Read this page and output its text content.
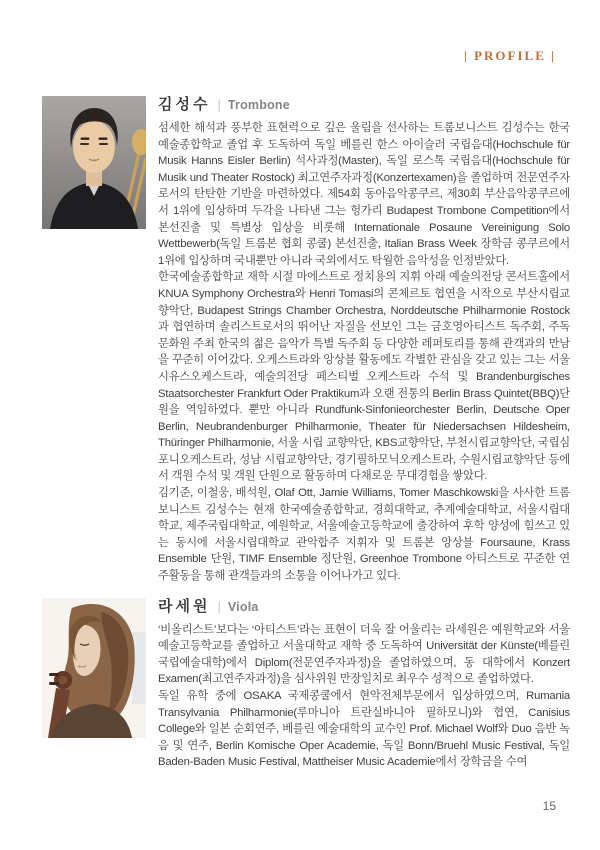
| PROFILE |
김성수 | Trombone

섬세한 해석과 풍부한 표현력으로 깊은 울림을 선사하는 트롬보니스트 김성수는 한국예술종합학교 졸업 후 도독하여 독일 베를린 한스 아이슬러 국립음대(Hochschule für Musik Hanns Eisler Berlin) 석사과정(Master), 독일 로스톡 국립음대(Hochschule für Musik und Theater Rostock) 최고연주자과정(Konzertexamen)을 졸업하며 전문연주자로서의 탄탄한 기반을 마련하였다. 제54회 동아음악콩쿠르, 제30회 부산음악콩쿠르에서 1위에 입상하며 두각을 나타낸 그는 헝가리 Budapest Trombone Competition에서 본선진출 및 특별상 입상을 비롯해 Internationale Posaune Vereinigung Solo Wettbewerb(독일 트롬본 협회 콩쿨) 본선진출, Italian Brass Week 장학금 콩쿠르에서 1위에 입상하며 국내뿐만 아니라 국외에서도 탁월한 음악성을 인정받았다.

한국예술종합학교 재학 시절 마에스트로 정치용의 지휘 아래 예술의전당 콘서트홀에서 KNUA Symphony Orchestra와 Henri Tomasi의 콘체르토 협연을 시작으로 부산시립교향악단, Budapest Strings Chamber Orchestra, Norddeutsche Philharmonie Rostock과 협연하며 솔리스트로서의 뛰어난 자질을 선보인 그는 금호영아티스트 독주회, 주독문화원 주최 한국의 젊은 음악가 특별 독주회 등 다양한 레퍼토리를 통해 관객과의 만남을 꾸준히 이어갔다. 오케스트라와 앙상블 활동에도 각별한 관심을 갖고 있는 그는 서울시유스오케스트라, 예술의전당 페스티벌 오케스트라 수석 및 Brandenburgisches Staatsorchester Frankfurt Oder Praktikum과 오랜 전통의 Berlin Brass Quintet(BBQ)단원을 역임하였다. 뿐만 아니라 Rundfunk-Sinfonieorchester Berlin, Deutsche Oper Berlin, Neubrandenburger Philharmonie, Theater für Niedersachsen Hildesheim, Thüringer Philharmonie, 서울 시립 교향악단, KBS교향악단, 부천시립교향악단, 국립심포니오케스트라, 성남 시립교향악단, 경기필하모닉오케스트라, 수원시립교향악단 등에서 객원 수석 및 객원 단원으로 활동하며 다채로운 무대경험을 쌓았다.

김기준, 이철웅, 배석원, Olaf Ott, Jamie Williams, Tomer Maschkowski을 사사한 트롬보니스트 김성수는 현재 한국예술종합학교, 경희대학교, 추계예술대학교, 서울시립대학교, 제주국립대학교, 예원학교, 서울예술고등학교에 출강하여 후학 양성에 힘쓰고 있는 동시에 서울시립대학교 관악합주 지휘자 및 트롬본 앙상블 Foursaune, Krass Ensemble 단원, TIMF Ensemble 정단원, Greenhoe Trombone 아티스트로 꾸준한 연주활동을 통해 관객들과의 소통을 이어나가고 있다.

라세원 | Viola

‘비올리스트’보다는 ‘아티스트’라는 표현이 더욱 잘 어울리는 라세원은 예원학교와 서울예술고등학교를 졸업하고 서울대학교 재학 중 도독하여 Universität der Künste(베를린 국립예술대학)에서 Diplom(전문연주자과정)을 졸업하였으며, 동 대학에서 Konzert Examen(최고연주자과정)을 심사위원 만장일치로 최우수 성적으로 졸업하였다.

독일 유학 중에 OSAKA 국제콩쿨에서 현악전체부문에서 입상하였으며, Rumania Transylvania Philharmonie(루마니아 트란실바니아 필하모니)와 협연, Canisius College와 일본 순회연주, 베를린 예술대학의 교수인 Prof. Michael Wolf와 Duo 음반 녹음 및 연주, Berlin Komische Oper Academie, 독일 Bonn/Bruehl Music Festival, 독일 Baden-Baden Music Festival, Mattheiser Music Academie에서 장학금을 수여

15
